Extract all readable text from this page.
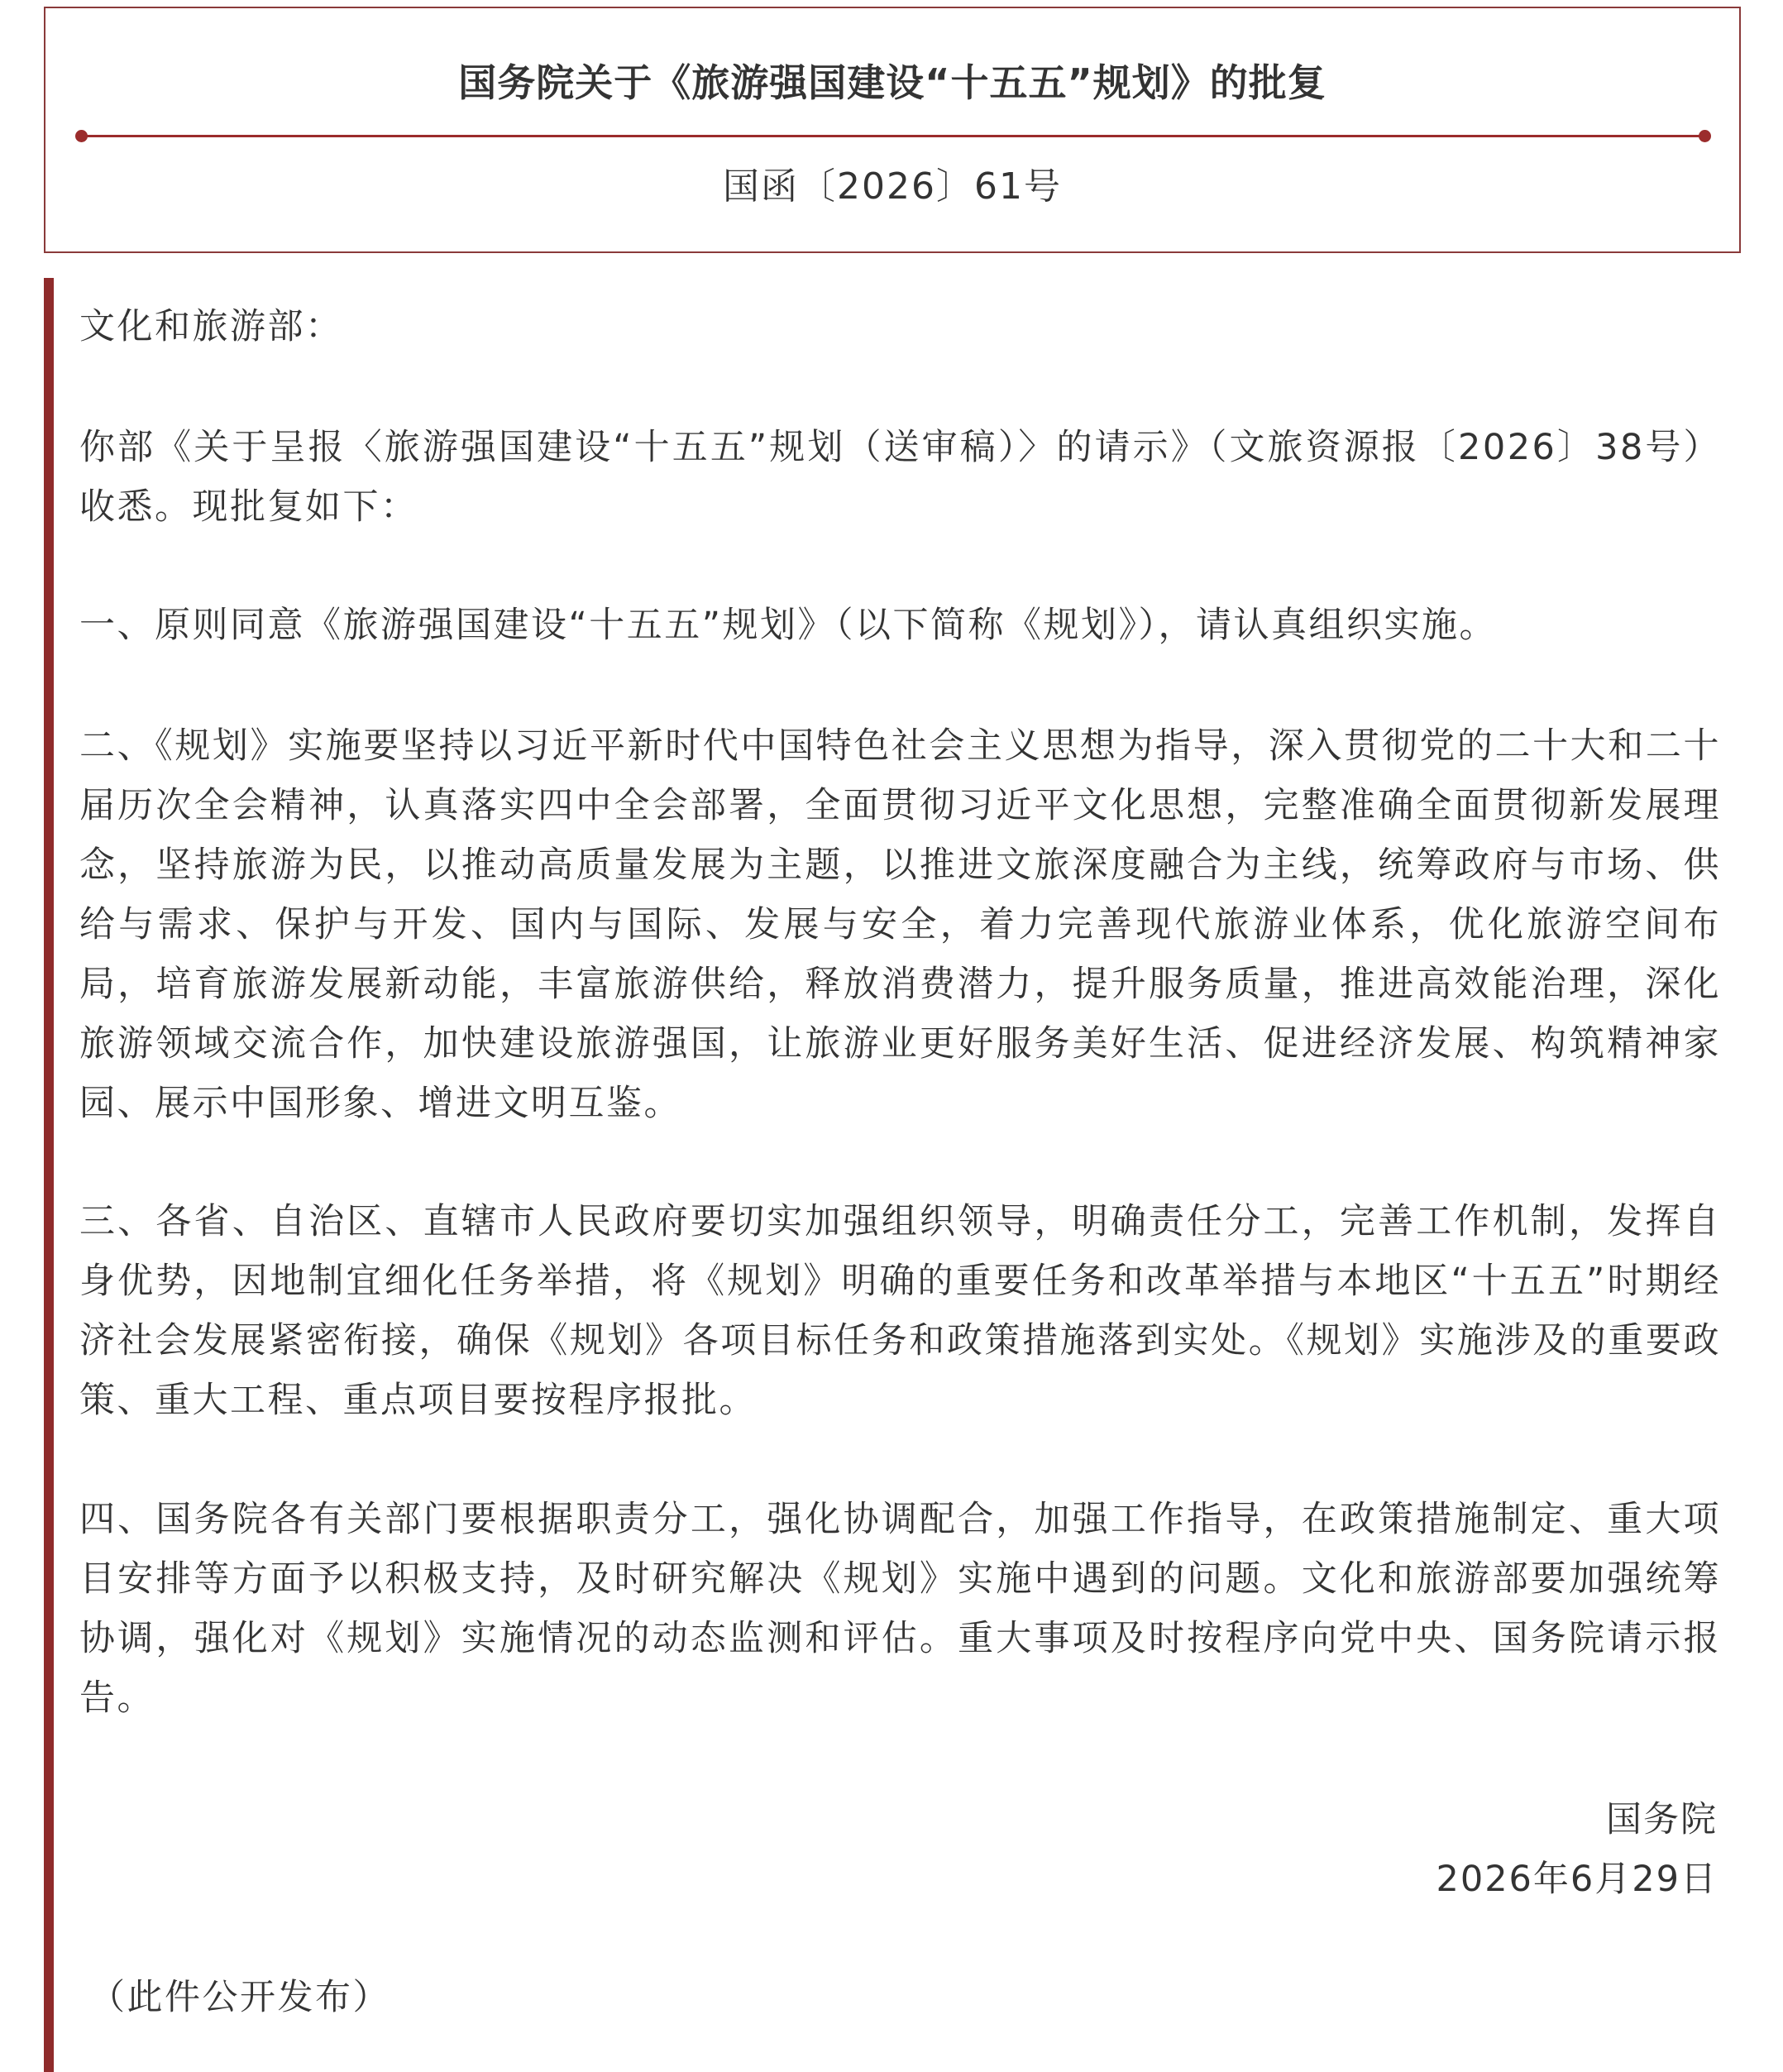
国务院关于《旅游强国建设“十五五”规划》的批复
国函〔2026〕61号

文化和旅游部：

你部《关于呈报〈旅游强国建设“十五五”规划（送审稿）〉的请示》（文旅资源报〔2026〕38号）收悉。现批复如下：

一、原则同意《旅游强国建设“十五五”规划》（以下简称《规划》），请认真组织实施。

二、《规划》实施要坚持以习近平新时代中国特色社会主义思想为指导，深入贯彻党的二十大和二十届历次全会精神，认真落实四中全会部署，全面贯彻习近平文化思想，完整准确全面贯彻新发展理念，坚持旅游为民，以推动高质量发展为主题，以推进文旅深度融合为主线，统筹政府与市场、供给与需求、保护与开发、国内与国际、发展与安全，着力完善现代旅游业体系，优化旅游空间布局，培育旅游发展新动能，丰富旅游供给，释放消费潜力，提升服务质量，推进高效能治理，深化旅游领域交流合作，加快建设旅游强国，让旅游业更好服务美好生活、促进经济发展、构筑精神家园、展示中国形象、增进文明互鉴。

三、各省、自治区、直辖市人民政府要切实加强组织领导，明确责任分工，完善工作机制，发挥自身优势，因地制宜细化任务举措，将《规划》明确的重要任务和改革举措与本地区“十五五”时期经济社会发展紧密衔接，确保《规划》各项目标任务和政策措施落到实处。《规划》实施涉及的重要政策、重大工程、重点项目要按程序报批。

四、国务院各有关部门要根据职责分工，强化协调配合，加强工作指导，在政策措施制定、重大项目安排等方面予以积极支持，及时研究解决《规划》实施中遇到的问题。文化和旅游部要加强统筹协调，强化对《规划》实施情况的动态监测和评估。重大事项及时按程序向党中央、国务院请示报告。

国务院
2026年6月29日

（此件公开发布）
